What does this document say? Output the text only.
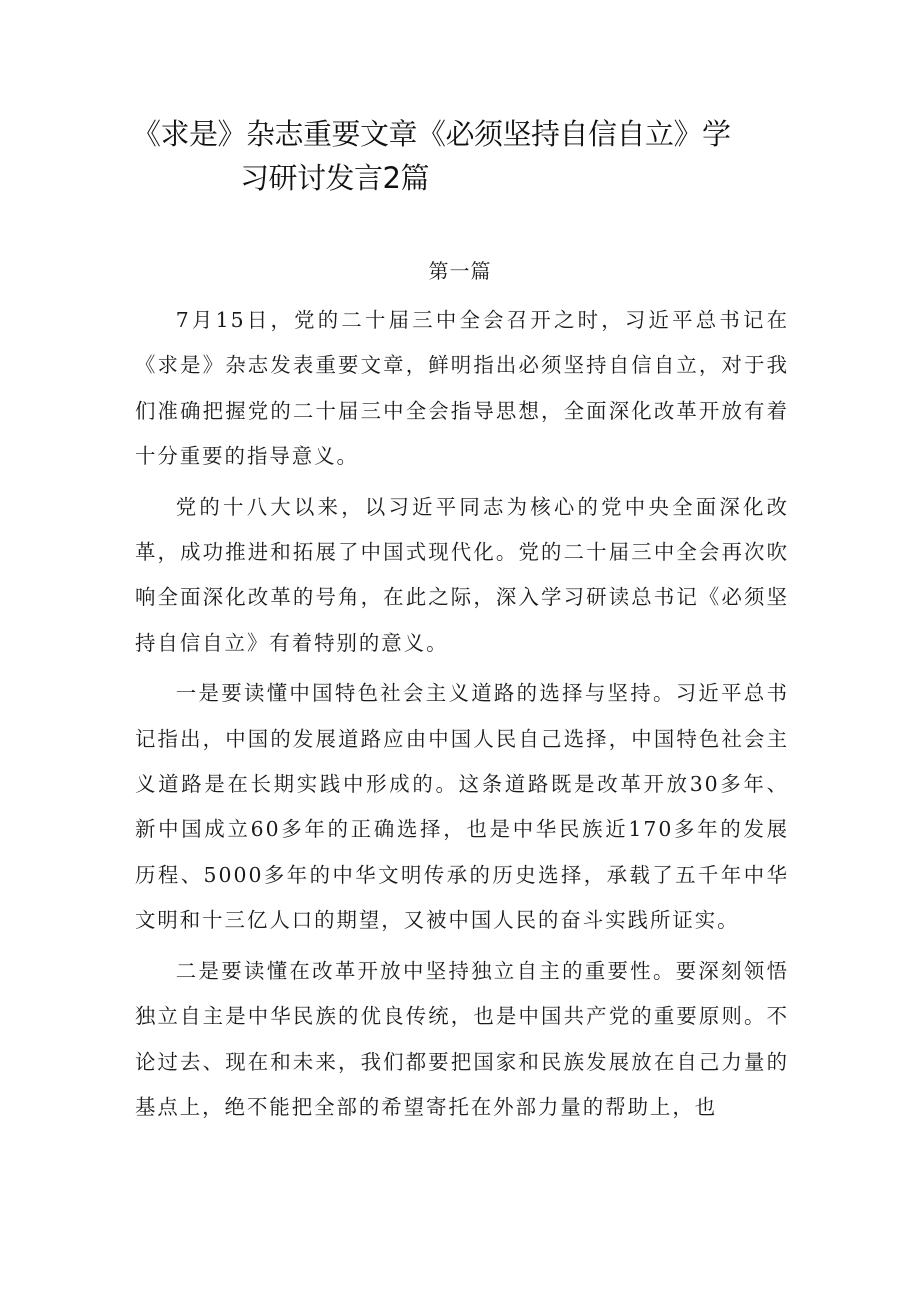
《求是》杂志重要文章《必须坚持自信自立》学
习研讨发言2篇
第一篇

7月15日，党的二十届三中全会召开之时，习近平总书记在《求是》杂志发表重要文章，鲜明指出必须坚持自信自立，对于我们准确把握党的二十届三中全会指导思想，全面深化改革开放有着十分重要的指导意义。

党的十八大以来，以习近平同志为核心的党中央全面深化改革，成功推进和拓展了中国式现代化。党的二十届三中全会再次吹响全面深化改革的号角，在此之际，深入学习研读总书记《必须坚持自信自立》有着特别的意义。

一是要读懂中国特色社会主义道路的选择与坚持。习近平总书记指出，中国的发展道路应由中国人民自己选择，中国特色社会主义道路是在长期实践中形成的。这条道路既是改革开放30多年、新中国成立60多年的正确选择，也是中华民族近170多年的发展历程、5000多年的中华文明传承的历史选择，承载了五千年中华文明和十三亿人口的期望，又被中国人民的奋斗实践所证实。

二是要读懂在改革开放中坚持独立自主的重要性。要深刻领悟独立自主是中华民族的优良传统，也是中国共产党的重要原则。不论过去、现在和未来，我们都要把国家和民族发展放在自己力量的基点上，绝不能把全部的希望寄托在外部力量的帮助上，也
